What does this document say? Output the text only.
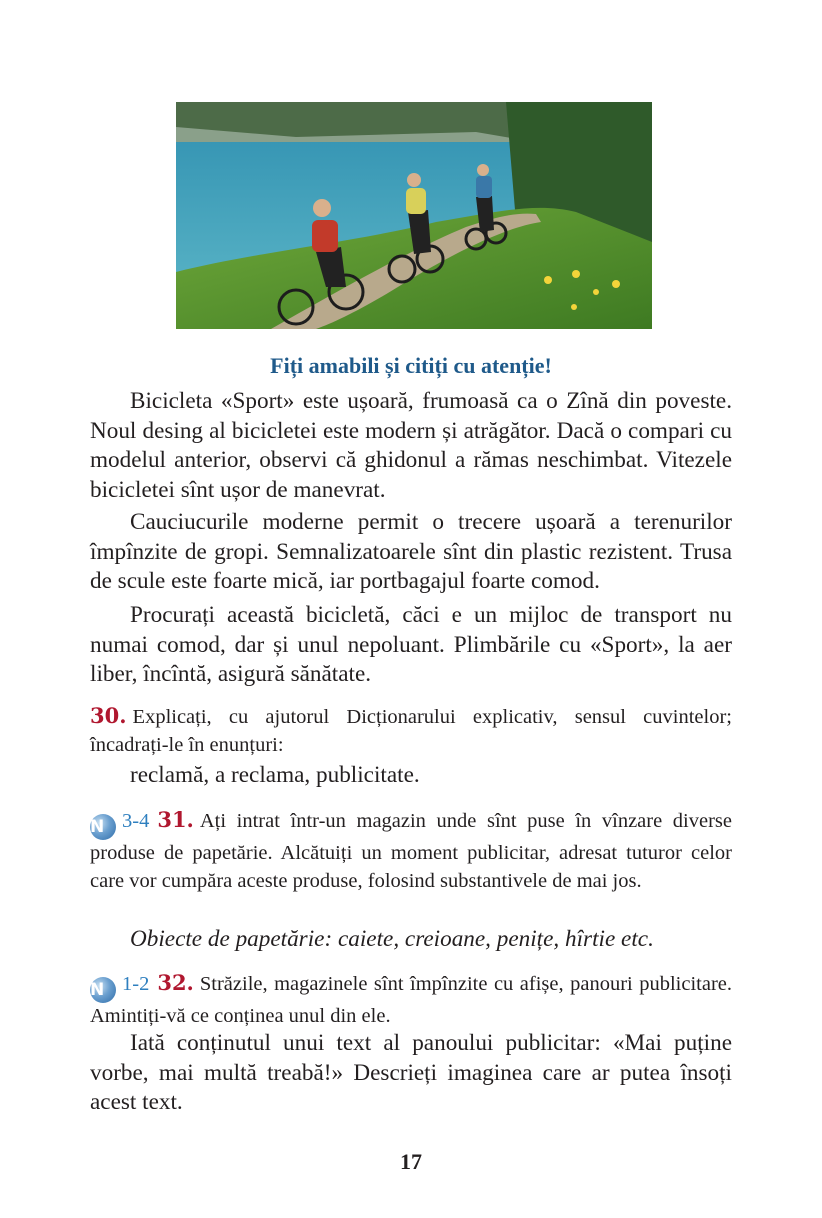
Fiți amabili și citiți cu atenție!

Bicicleta «Sport» este ușoară, frumoasă ca o Zînă din poveste. Noul desing al bicicletei este modern și atrăgător. Dacă o compari cu modelul anterior, observi că ghidonul a rămas neschimbat. Vitezele bicicletei sînt ușor de manevrat.

Cauciucurile moderne permit o trecere ușoară a terenurilor împînzite de gropi. Semnalizatoarele sînt din plastic rezistent. Trusa de scule este foarte mică, iar portbagajul foarte comod.

Procurați această bicicletă, căci e un mijloc de transport nu numai comod, dar și unul nepoluant. Plimbările cu «Sport», la aer liber, încîntă, asigură sănătate.

30. Explicați, cu ajutorul Dicționarului explicativ, sensul cuvintelor; încadrați-le în enunțuri:

reclamă, a reclama, publicitate.

N 3-4 31. Ați intrat într-un magazin unde sînt puse în vînzare diverse produse de papetărie. Alcătuiți un moment publicitar, adresat tuturor celor care vor cumpăra aceste produse, folosind substantivele de mai jos.

Obiecte de papetărie: caiete, creioane, penițe, hîrtie etc.

N 1-2 32. Străzile, magazinele sînt împînzite cu afișe, panouri publicitare. Amintiți-vă ce conținea unul din ele.

Iată conținutul unui text al panoului publicitar: «Mai puține vorbe, mai multă treabă!» Descrieți imaginea care ar putea însoți acest text.

17
